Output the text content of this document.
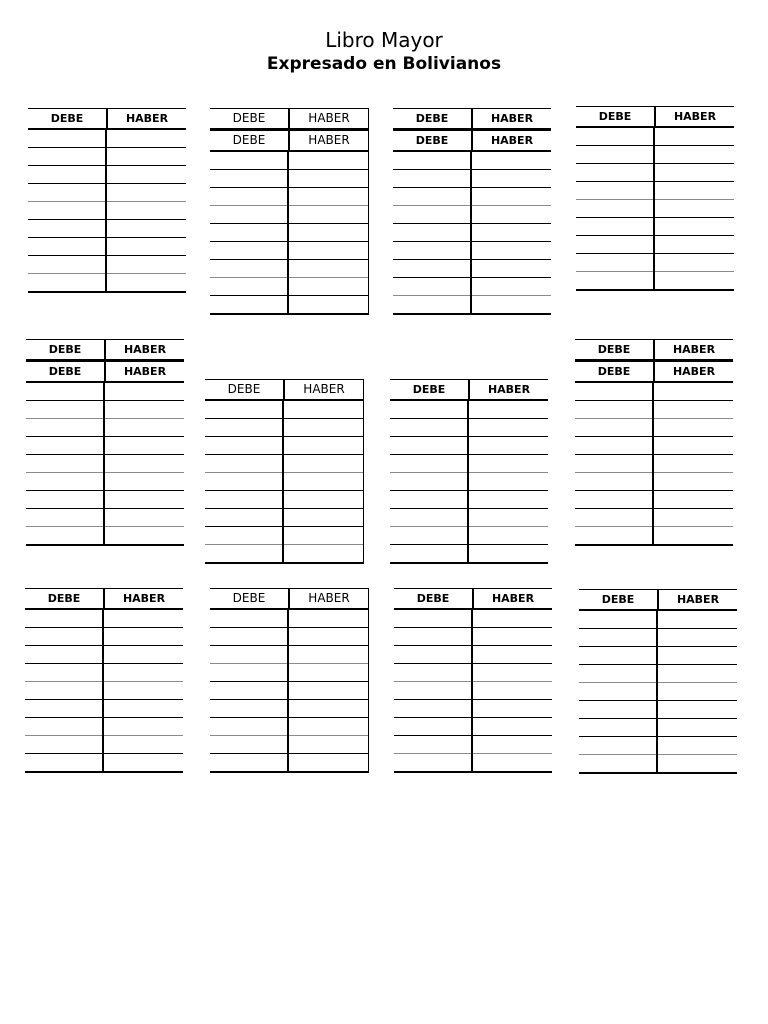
Libro Mayor
Expresado en Bolivianos
DEBE	HABER	DEBE	HABER
DEBE	HABER
DEBE	HABER
DEBE	HABER
DEBE	HABER
DEBE	HABER
DEBE	HABER
DEBE	HABER	DEBE	HABER
DEBE	HABER
DEBE	HABER
DEBE	HABER	DEBE	HABER	DEBE	HABER	DEBE	HABER
